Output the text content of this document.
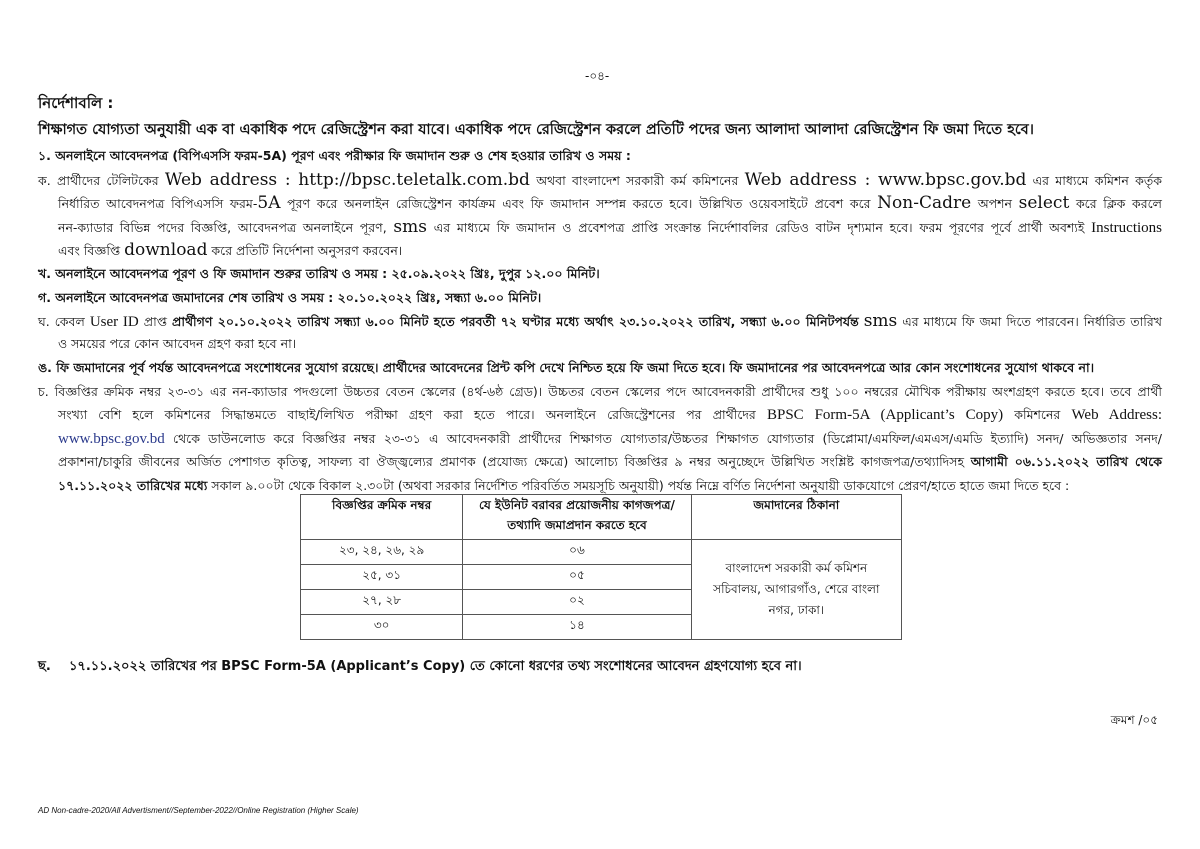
-০৪-
নির্দেশাবলি :
শিক্ষাগত যোগ্যতা অনুযায়ী এক বা একাধিক পদে রেজিস্ট্রেশন করা যাবে। একাধিক পদে রেজিস্ট্রেশন করলে প্রতিটি পদের জন্য আলাদা আলাদা রেজিস্ট্রেশন ফি জমা দিতে হবে।
১. অনলাইনে আবেদনপত্র (বিপিএসসি ফরম-5A) পূরণ এবং পরীক্ষার ফি জমাদান শুরু ও শেষ হওয়ার তারিখ ও সময় :
ক. প্রার্থীদের টেলিটকের Web address : http://bpsc.teletalk.com.bd অথবা বাংলাদেশ সরকারী কর্ম কমিশনের Web address : www.bpsc.gov.bd এর মাধ্যমে কমিশন কর্তৃক
নির্ধারিত আবেদনপত্র বিপিএসসি ফরম-5A পূরণ করে অনলাইন রেজিস্ট্রেশন কার্যক্রম এবং ফি জমাদান সম্পন্ন করতে হবে। উল্লিখিত ওয়েবসাইটে প্রবেশ করে Non-Cadre অপশন select করে ক্লিক করলে
নন-ক্যাডার বিভিন্ন পদের বিজ্ঞপ্তি, আবেদনপত্র অনলাইনে পূরণ, sms এর মাধ্যমে ফি জমাদান ও প্রবেশপত্র প্রাপ্তি সংক্রান্ত নির্দেশাবলির রেডিও বাটন দৃশ্যমান হবে। ফরম পূরণের পূর্বে প্রার্থী অবশ্যই Instructions
এবং বিজ্ঞপ্তি download করে প্রতিটি নির্দেশনা অনুসরণ করবেন।
খ. অনলাইনে আবেদনপত্র পূরণ ও ফি জমাদান শুরুর তারিখ ও সময় : ২৫.০৯.২০২২ খ্রিঃ, দুপুর ১২.০০ মিনিট।
গ. অনলাইনে আবেদনপত্র জমাদানের শেষ তারিখ ও সময় : ২০.১০.২০২২ খ্রিঃ, সন্ধ্যা ৬.০০ মিনিট।
ঘ. কেবল User ID প্রাপ্ত প্রার্থীগণ ২০.১০.২০২২ তারিখ সন্ধ্যা ৬.০০ মিনিট হতে পরবর্তী ৭২ ঘণ্টার মধ্যে অর্থাৎ ২৩.১০.২০২২ তারিখ, সন্ধ্যা ৬.০০ মিনিটপর্যন্ত sms এর মাধ্যমে ফি জমা দিতে পারবেন। নির্ধারিত তারিখ
ও সময়ের পরে কোন আবেদন গ্রহণ করা হবে না।
ঙ. ফি জমাদানের পূর্ব পর্যন্ত আবেদনপত্রে সংশোধনের সুযোগ রয়েছে। প্রার্থীদের আবেদনের প্রিন্ট কপি দেখে নিশ্চিত হয়ে ফি জমা দিতে হবে। ফি জমাদানের পর আবেদনপত্রে আর কোন সংশোধনের সুযোগ থাকবে না।
চ. বিজ্ঞপ্তির ক্রমিক নম্বর ২৩-৩১ এর নন-ক্যাডার পদগুলো উচ্চতর বেতন স্কেলের (৪র্থ-৬ষ্ঠ গ্রেড)। উচ্চতর বেতন স্কেলের পদে আবেদনকারী প্রার্থীদের শুধু ১০০ নম্বরের মৌখিক পরীক্ষায় অংশগ্রহণ করতে হবে। তবে প্রার্থী
সংখ্যা বেশি হলে কমিশনের সিদ্ধান্তমতে বাছাই/লিখিত পরীক্ষা গ্রহণ করা হতে পারে। অনলাইনে রেজিস্ট্রেশনের পর প্রার্থীদের BPSC Form-5A (Applicant’s Copy) কমিশনের Web Address:
www.bpsc.gov.bd থেকে ডাউনলোড করে বিজ্ঞপ্তির নম্বর ২৩-৩১ এ আবেদনকারী প্রার্থীদের শিক্ষাগত যোগ্যতার/উচ্চতর শিক্ষাগত যোগ্যতার (ডিপ্লোমা/এমফিল/এমএস/এমডি ইত্যাদি) সনদ/ অভিজ্ঞতার সনদ/
প্রকাশনা/চাকুরি জীবনের অর্জিত পেশাগত কৃতিত্ব, সাফল্য বা ঔজ্জ্বল্যের প্রমাণক (প্রযোজ্য ক্ষেত্রে) আলোচ্য বিজ্ঞপ্তির ৯ নম্বর অনুচ্ছেদে উল্লিখিত সংশ্লিষ্ট কাগজপত্র/তথ্যাদিসহ আগামী ০৬.১১.২০২২ তারিখ থেকে
১৭.১১.২০২২ তারিখের মধ্যে সকাল ৯.০০টা থেকে বিকাল ২.৩০টা (অথবা সরকার নির্দেশিত পরিবর্তিত সময়সূচি অনুযায়ী) পর্যন্ত নিম্নে বর্ণিত নির্দেশনা অনুযায়ী ডাকযোগে প্রেরণ/হাতে হাতে জমা দিতে হবে :
বিজ্ঞপ্তির ক্রমিক নম্বর	যে ইউনিট বরাবর প্রয়োজনীয় কাগজপত্র/তথ্যাদি জমাপ্রদান করতে হবে	জমাদানের ঠিকানা
২৩, ২৪, ২৬, ২৯	০৬	বাংলাদেশ সরকারী কর্ম কমিশন সচিবালয়, আগারগাঁও, শেরে বাংলা নগর, ঢাকা।
২৫, ৩১	০৫	
২৭, ২৮	০২	
৩০	১৪	
ছ. ১৭.১১.২০২২ তারিখের পর BPSC Form-5A (Applicant’s Copy) তে কোনো ধরণের তথ্য সংশোধনের আবেদন গ্রহণযোগ্য হবে না।
ক্রমশ /০৫
AD Non-cadre-2020/All Advertisment//September-2022//Online Registration (Higher Scale)
